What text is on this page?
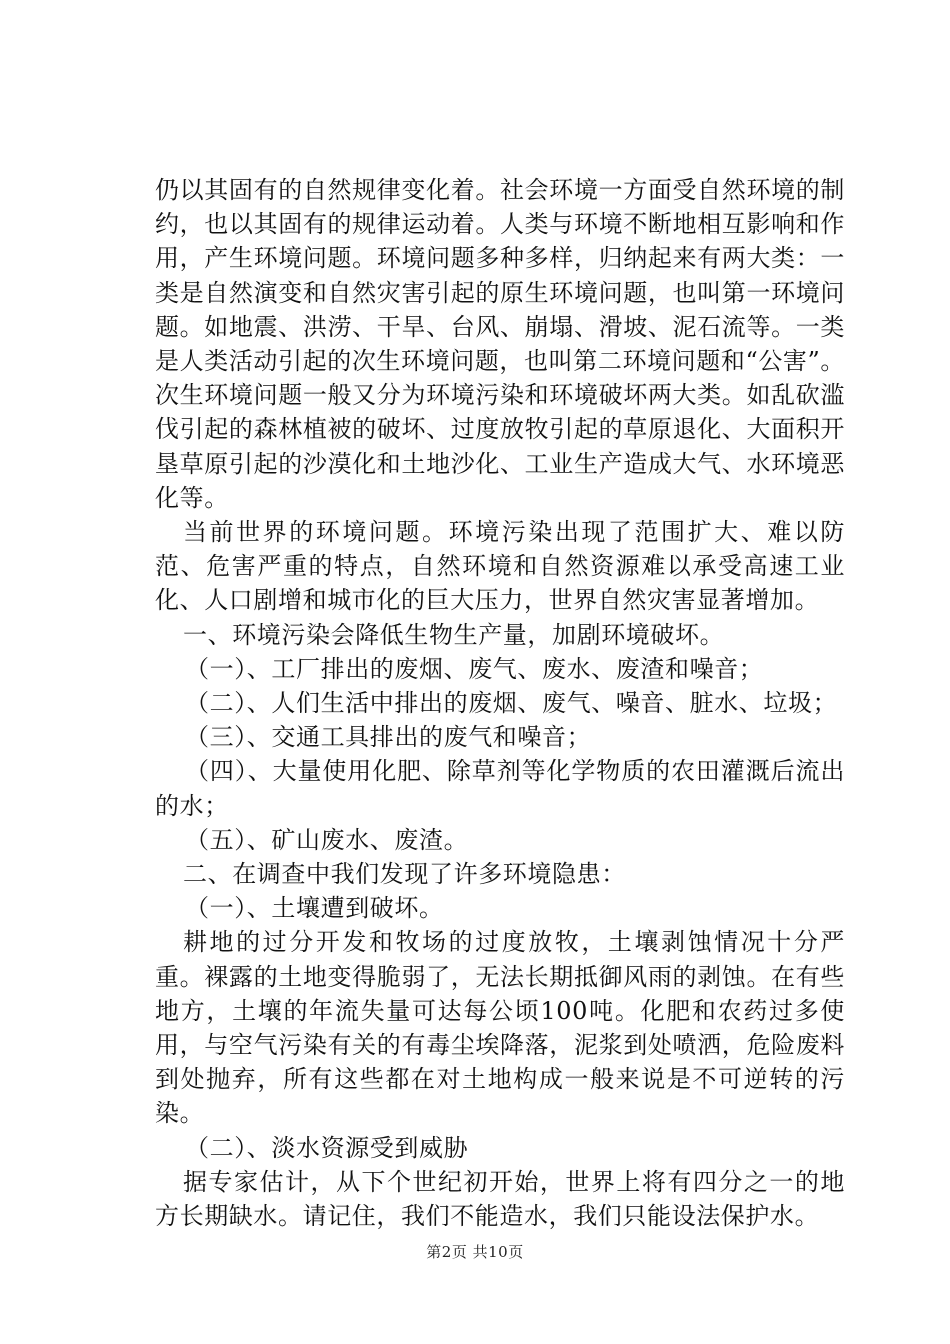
仍以其固有的自然规律变化着。社会环境一方面受自然环境的制约，也以其固有的规律运动着。人类与环境不断地相互影响和作用，产生环境问题。环境问题多种多样，归纳起来有两大类：一类是自然演变和自然灾害引起的原生环境问题，也叫第一环境问题。如地震、洪涝、干旱、台风、崩塌、滑坡、泥石流等。一类是人类活动引起的次生环境问题，也叫第二环境问题和“公害”。次生环境问题一般又分为环境污染和环境破坏两大类。如乱砍滥伐引起的森林植被的破坏、过度放牧引起的草原退化、大面积开垦草原引起的沙漠化和土地沙化、工业生产造成大气、水环境恶化等。

当前世界的环境问题。环境污染出现了范围扩大、难以防范、危害严重的特点，自然环境和自然资源难以承受高速工业化、人口剧增和城市化的巨大压力，世界自然灾害显著增加。

一、环境污染会降低生物生产量，加剧环境破坏。

（一）、工厂排出的废烟、废气、废水、废渣和噪音；

（二）、人们生活中排出的废烟、废气、噪音、脏水、垃圾；

（三）、交通工具排出的废气和噪音；

（四）、大量使用化肥、除草剂等化学物质的农田灌溉后流出的水；

（五）、矿山废水、废渣。

二、在调查中我们发现了许多环境隐患：

（一）、土壤遭到破坏。

耕地的过分开发和牧场的过度放牧，土壤剥蚀情况十分严重。裸露的土地变得脆弱了，无法长期抵御风雨的剥蚀。在有些地方，土壤的年流失量可达每公顷100吨。化肥和农药过多使用，与空气污染有关的有毒尘埃降落，泥浆到处喷洒，危险废料到处抛弃，所有这些都在对土地构成一般来说是不可逆转的污染。

（二）、淡水资源受到威胁

据专家估计，从下个世纪初开始，世界上将有四分之一的地方长期缺水。请记住，我们不能造水，我们只能设法保护水。

第2页 共10页
